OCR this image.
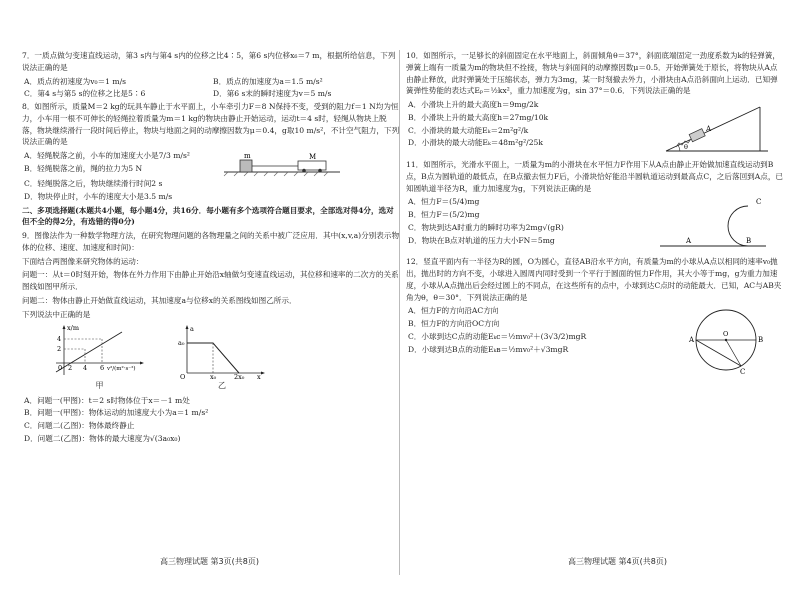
7．一质点做匀变速直线运动，第3 s内与第4 s内的位移之比4∶5，第6 s内位移x₆＝7 m，根据所给信息，下列说法正确的是
A．质点的初速度为v₀＝1 m/s	B．质点的加速度为a＝1.5 m/s²
C．第4 s与第5 s的位移之比是5∶6	D．第6 s末的瞬时速度为v＝5 m/s
8．如图所示，质量M＝2 kg的玩具车静止于水平面上，小车牵引力F＝8 N保持不变，受到的阻力f＝1 N均为恒力，小车用一根不可伸长的轻绳拉着质量为m＝1 kg的物块由静止开始运动，运动t＝4 s时，轻绳从物块上脱落，物块继续滑行一段时间后停止，物块与地面之间的动摩擦因数为μ＝0.4，g取10 m/s²，不计空气阻力，下列说法正确的是
A．轻绳脱落之前，小车的加速度大小是7/3 m/s²
B．轻绳脱落之前，绳的拉力为5 N
m	M
C．轻绳脱落之后，物块继续滑行时间2 s
D．物块停止时，小车的速度大小是3.5 m/s
二、多项选择题(本题共4小题，每小题4分，共16分．每小题有多个选项符合题目要求，全部选对得4分，选对但不全的得2分，有选错的得0分)
9．图像法作为一种数学物理方法，在研究物理问题的各物理量之间的关系中被广泛应用．其中(x,v,a)分别表示物体的位移、速度、加速度和时间)：
下面结合两图像来研究物体的运动：
问题一：从t＝0时刻开始，物体在外力作用下由静止开始沿x轴做匀变速直线运动，其位移和速率的二次方的关系图线如图甲所示．
问题二：物体由静止开始做直线运动，其加速度a与位移x的关系图线如图乙所示．
下列说法中正确的是
x/m
4
2
0 2 4 6 v²/(m²·s⁻²)
甲
a
a₀
O	x₀	2x₀ x
乙
A．问题一(甲图)：t＝2 s时物体位于x＝－1 m处
B．问题一(甲图)：物体运动的加速度大小为a＝1 m/s²
C．问题二(乙图)：物体最终静止
D．问题二(乙图)：物体的最大速度为√(3a₀x₀)
高三物理试题 第3页(共8页)
10．如图所示，一足够长的斜面固定在水平地面上，斜面倾角θ＝37°，斜面底端固定一劲度系数为k的轻弹簧，弹簧上端有一质量为m的物块但不拴接，物块与斜面间的动摩擦因数μ＝0.5．开始弹簧处于原长，将物块从A点由静止释放，此时弹簧处于压缩状态，弹力为3mg，某一时刻撤去外力，小滑块由A点沿斜面向上运动．已知弹簧弹性势能的表达式Eₚ＝½kx²，重力加速度为g，sin 37°＝0.6．下列说法正确的是
A．小滑块上升的最大高度h＝9mg/2k
B．小滑块上升的最大高度h＝27mg/10k
C．小滑块的最大动能Eₖ＝2m²g²/k
D．小滑块的最大动能Eₖ＝48m²g²/25k
A
θ
11．如图所示，光滑水平面上，一质量为m的小滑块在水平恒力F作用下从A点由静止开始做加速直线运动到B点，B点为圆轨道的最低点，在B点撤去恒力F后，小滑块恰好能沿半圆轨道运动到最高点C，之后落回到A点，已知圆轨道半径为R，重力加速度为g，下列说法正确的是
A．恒力F＝(5/4)mg
B．恒力F＝(5/2)mg
C．物块到达A时重力的瞬时功率为2mg√(gR)
D．物块在B点对轨道的压力大小FN＝5mg	A	B
C
12．竖直平面内有一半径为R的圆，O为圆心，直径AB沿水平方向，有质量为m的小球从A点以相同的速率v₀抛出，抛出时的方向不变，小球进入圆周内同时受到一个平行于圆面的恒力F作用，其大小等于mg，g为重力加速度，小球从A点抛出后会经过圆上的不同点，在这些所有的点中，小球到达C点时的动能最大．已知，AC与AB夹角为θ，θ＝30°．下列说法正确的是
A．恒力F的方向沿AC方向
B．恒力F的方向沿OC方向
C．小球到达C点的动能Eₖc＝½mv₀²＋(3√3/2)mgR
D．小球到达B点的动能Eₖʙ＝½mv₀²＋√3mgR
A	B
O
C
高三物理试题 第4页(共8页)
